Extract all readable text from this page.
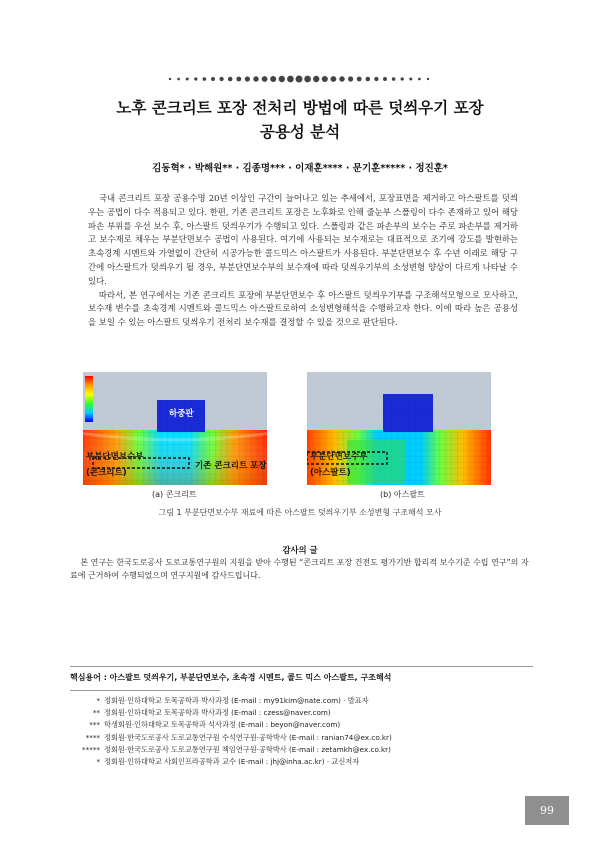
노후 콘크리트 포장 전처리 방법에 따른 덧씌우기 포장
공용성 분석
김동혁* · 박해원** · 김종명*** · 이재훈**** · 문기훈***** · 정진훈*

국내 콘크리트 포장 공용수명 20년 이상인 구간이 늘어나고 있는 추세에서, 포장표면을 제거하고 아스팔트를 덧씌우는 공법이 다수 적용되고 있다. 한편, 기존 콘크리트 포장은 노후화로 인해 줄눈부 스폴링이 다수 존재하고 있어 해당 파손 부위를 우선 보수 후, 아스팔트 덧씌우기가 수행되고 있다. 스폴링과 같은 파손부의 보수는 주로 파손부를 제거하고 보수재로 채우는 부분단면보수 공법이 사용된다. 여기에 사용되는 보수재로는 대표적으로 조기에 강도를 발현하는 초속경계 시멘트와 가열없이 간단히 시공가능한 콜드믹스 아스팔트가 사용된다. 부분단면보수 후 수년 이래로 해당 구간에 아스팔트가 덧씌우기 될 경우, 부분단면보수부의 보수재에 따라 덧씌우기부의 소성변형 양상이 다르게 나타날 수 있다.

따라서, 본 연구에서는 기존 콘크리트 포장에 부분단면보수 후 아스팔트 덧씌우기부를 구조해석모형으로 모사하고, 보수재 변수를 초속경계 시멘트와 콜드믹스 아스팔트로하여 소성변형해석을 수행하고자 한다. 이에 따라 높은 공용성을 보일 수 있는 아스팔트 덧씌우기 전처리 보수재를 결정할 수 있을 것으로 판단된다.

하중판
부분단면보수부
(콘크리트)
기존 콘크리트 포장
부분단면보수부
(아스팔트)
(a) 콘크리트	(b) 아스팔트
그림 1 부분단면보수부 재료에 따른 아스팔트 덧씌우기부 소성변형 구조해석 모사
감사의 글
본 연구는 한국도로공사 도로교통연구원의 지원을 받아 수행된 “콘크리트 포장 건전도 평가기반 합리적 보수기준 수립 연구”의 자료에 근거하여 수행되었으며 연구지원에 감사드립니다.
핵심용어 : 아스팔트 덧씌우기, 부분단면보수, 초속경 시멘트, 콜드 믹스 아스팔트, 구조해석
* 정회원·인하대학교 토목공학과 박사과정 (E-mail : my91kim@nate.com) · 발표자
** 정회원·인하대학교 토목공학과 박사과정 (E-mail : czess@naver.com)
*** 학생회원·인하대학교 토목공학과 석사과정 (E-mail : beyon@naver.com)
**** 정회원·한국도로공사 도로교통연구원 수석연구원·공학박사 (E-mail : ranian74@ex.co.kr)
***** 정회원·한국도로공사 도로교통연구원 책임연구원·공학박사 (E-mail : zetamkh@ex.co.kr)
* 정회원·인하대학교 사회인프라공학과 교수 (E-mail : jhj@inha.ac.kr) · 교신저자
99
